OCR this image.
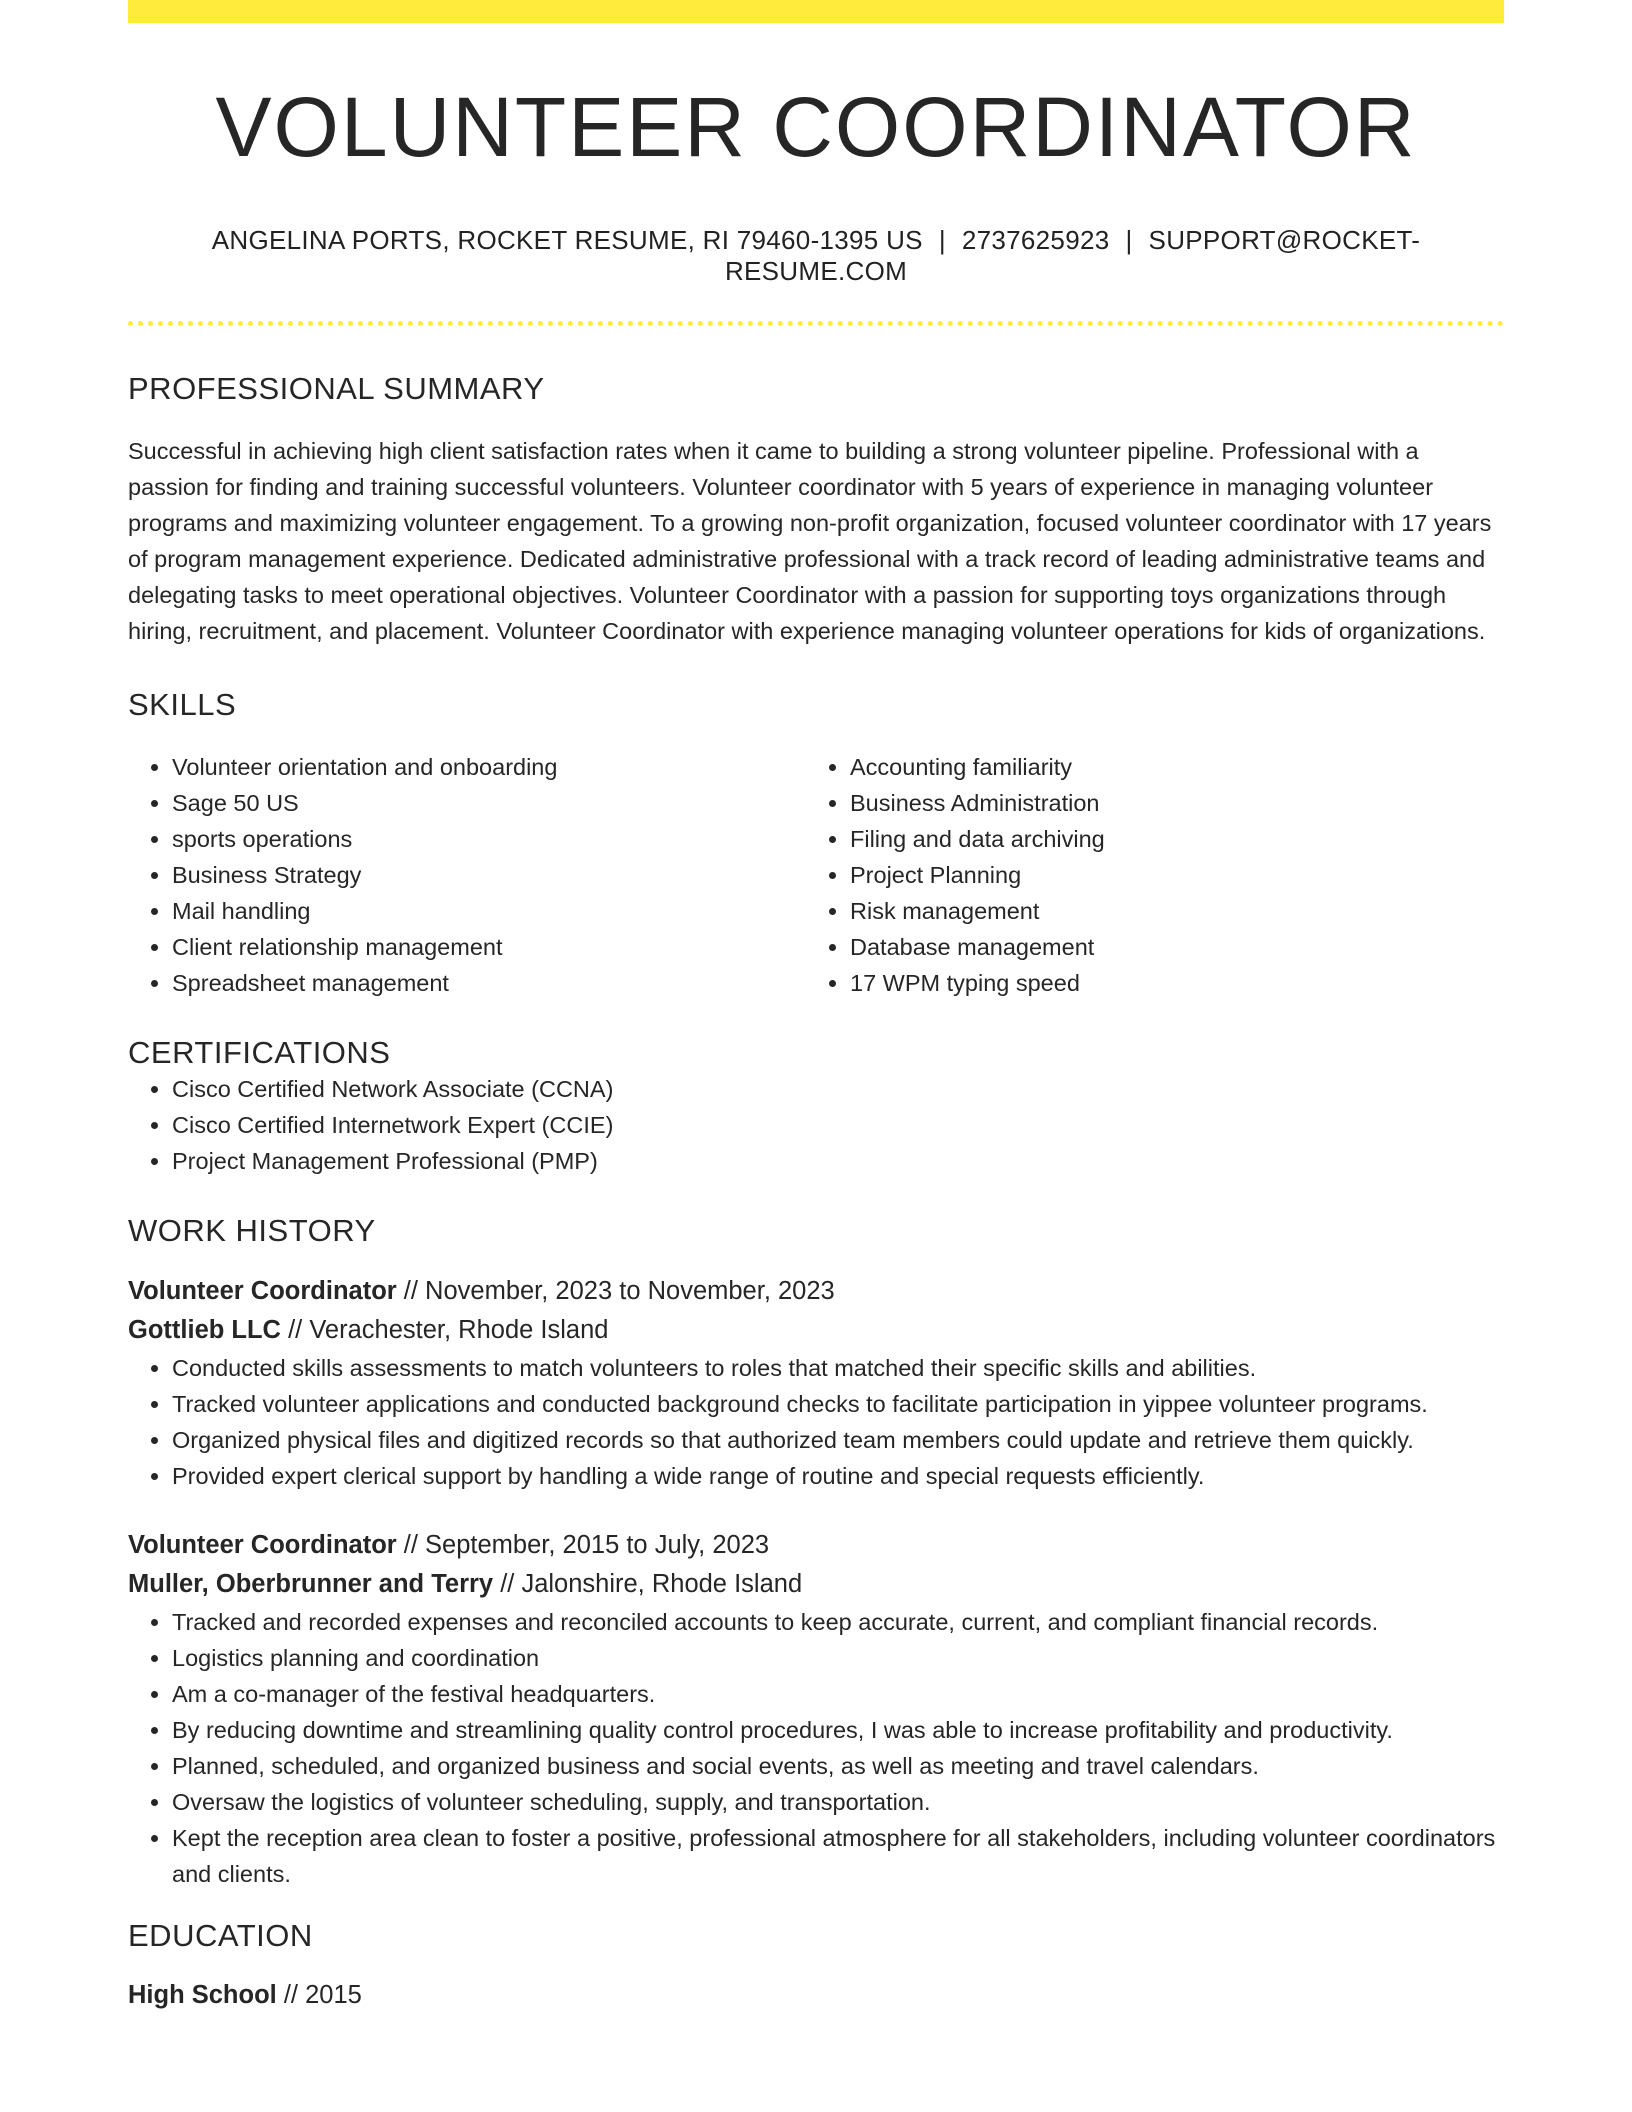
VOLUNTEER COORDINATOR
ANGELINA PORTS, ROCKET RESUME, RI 79460-1395 US | 2737625923 | SUPPORT@ROCKET-RESUME.COM
PROFESSIONAL SUMMARY
Successful in achieving high client satisfaction rates when it came to building a strong volunteer pipeline. Professional with a passion for finding and training successful volunteers. Volunteer coordinator with 5 years of experience in managing volunteer programs and maximizing volunteer engagement. To a growing non-profit organization, focused volunteer coordinator with 17 years of program management experience. Dedicated administrative professional with a track record of leading administrative teams and delegating tasks to meet operational objectives. Volunteer Coordinator with a passion for supporting toys organizations through hiring, recruitment, and placement. Volunteer Coordinator with experience managing volunteer operations for kids of organizations.
SKILLS
• Volunteer orientation and onboarding
• Sage 50 US
• sports operations
• Business Strategy
• Mail handling
• Client relationship management
• Spreadsheet management
• Accounting familiarity
• Business Administration
• Filing and data archiving
• Project Planning
• Risk management
• Database management
• 17 WPM typing speed
CERTIFICATIONS
• Cisco Certified Network Associate (CCNA)
• Cisco Certified Internetwork Expert (CCIE)
• Project Management Professional (PMP)
WORK HISTORY
Volunteer Coordinator // November, 2023 to November, 2023
Gottlieb LLC // Verachester, Rhode Island
• Conducted skills assessments to match volunteers to roles that matched their specific skills and abilities.
• Tracked volunteer applications and conducted background checks to facilitate participation in yippee volunteer programs.
• Organized physical files and digitized records so that authorized team members could update and retrieve them quickly.
• Provided expert clerical support by handling a wide range of routine and special requests efficiently.
Volunteer Coordinator // September, 2015 to July, 2023
Muller, Oberbrunner and Terry // Jalonshire, Rhode Island
• Tracked and recorded expenses and reconciled accounts to keep accurate, current, and compliant financial records.
• Logistics planning and coordination
• Am a co-manager of the festival headquarters.
• By reducing downtime and streamlining quality control procedures, I was able to increase profitability and productivity.
• Planned, scheduled, and organized business and social events, as well as meeting and travel calendars.
• Oversaw the logistics of volunteer scheduling, supply, and transportation.
• Kept the reception area clean to foster a positive, professional atmosphere for all stakeholders, including volunteer coordinators and clients.
EDUCATION
High School // 2015
